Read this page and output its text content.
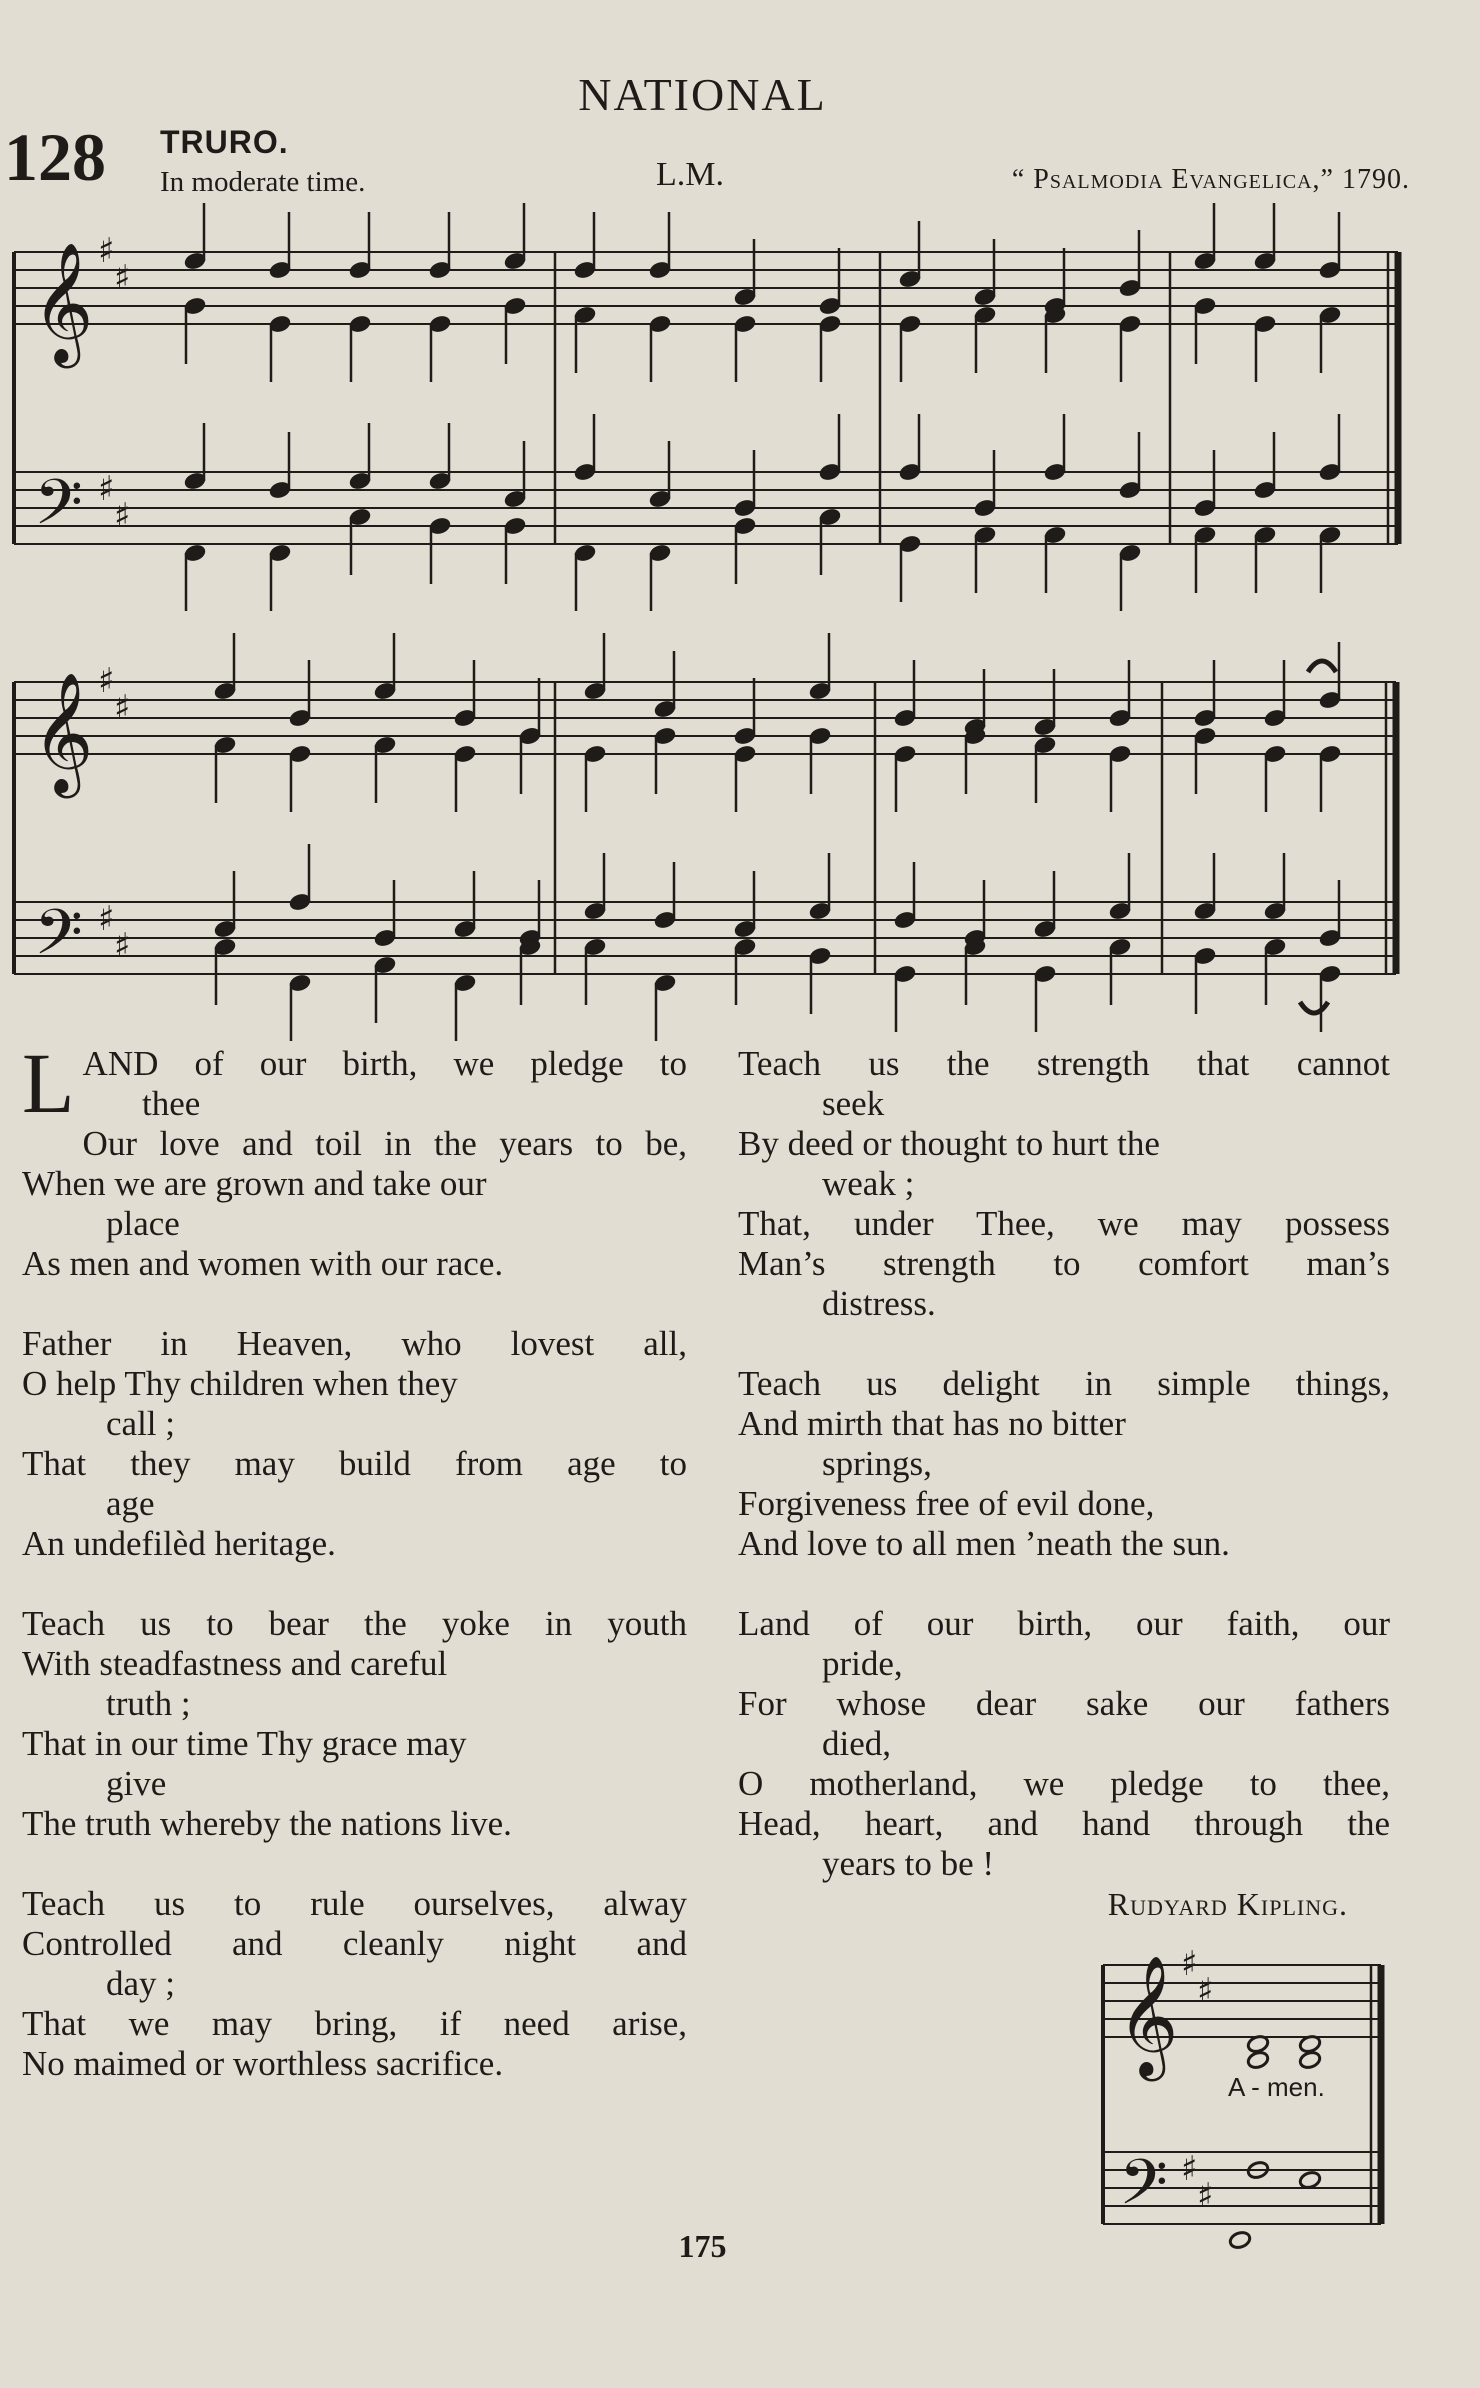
NATIONAL
128 TRURO.
In moderate time.	L.M.	“ Psalmodia Evangelica,” 1790.
𝄞
𝄢
♯
♯
♯
♯
𝄞
𝄢
♯
♯
♯
♯
𝄞
𝄢
♯
♯
♯
♯
A - men.
LAND of our birth, we pledge to
thee
Our love and toil in the years to be,
When we are grown and take our
place
As men and women with our race.
Father in Heaven, who lovest all,
O help Thy children when they
call ;
That they may build from age to
age
An undefilèd heritage.
Teach us to bear the yoke in youth
With steadfastness and careful
truth ;
That in our time Thy grace may
give
The truth whereby the nations live.
Teach us to rule ourselves, alway
Controlled and cleanly night and
day ;
That we may bring, if need arise,
No maimed or worthless sacrifice.
Teach us the strength that cannot
seek
By deed or thought to hurt the
weak ;
That, under Thee, we may possess
Man’s strength to comfort man’s
distress.
Teach us delight in simple things,
And mirth that has no bitter
springs,
Forgiveness free of evil done,
And love to all men ’neath the sun.
Land of our birth, our faith, our
pride,
For whose dear sake our fathers
died,
O motherland, we pledge to thee,
Head, heart, and hand through the
years to be !
Rudyard Kipling.
175
